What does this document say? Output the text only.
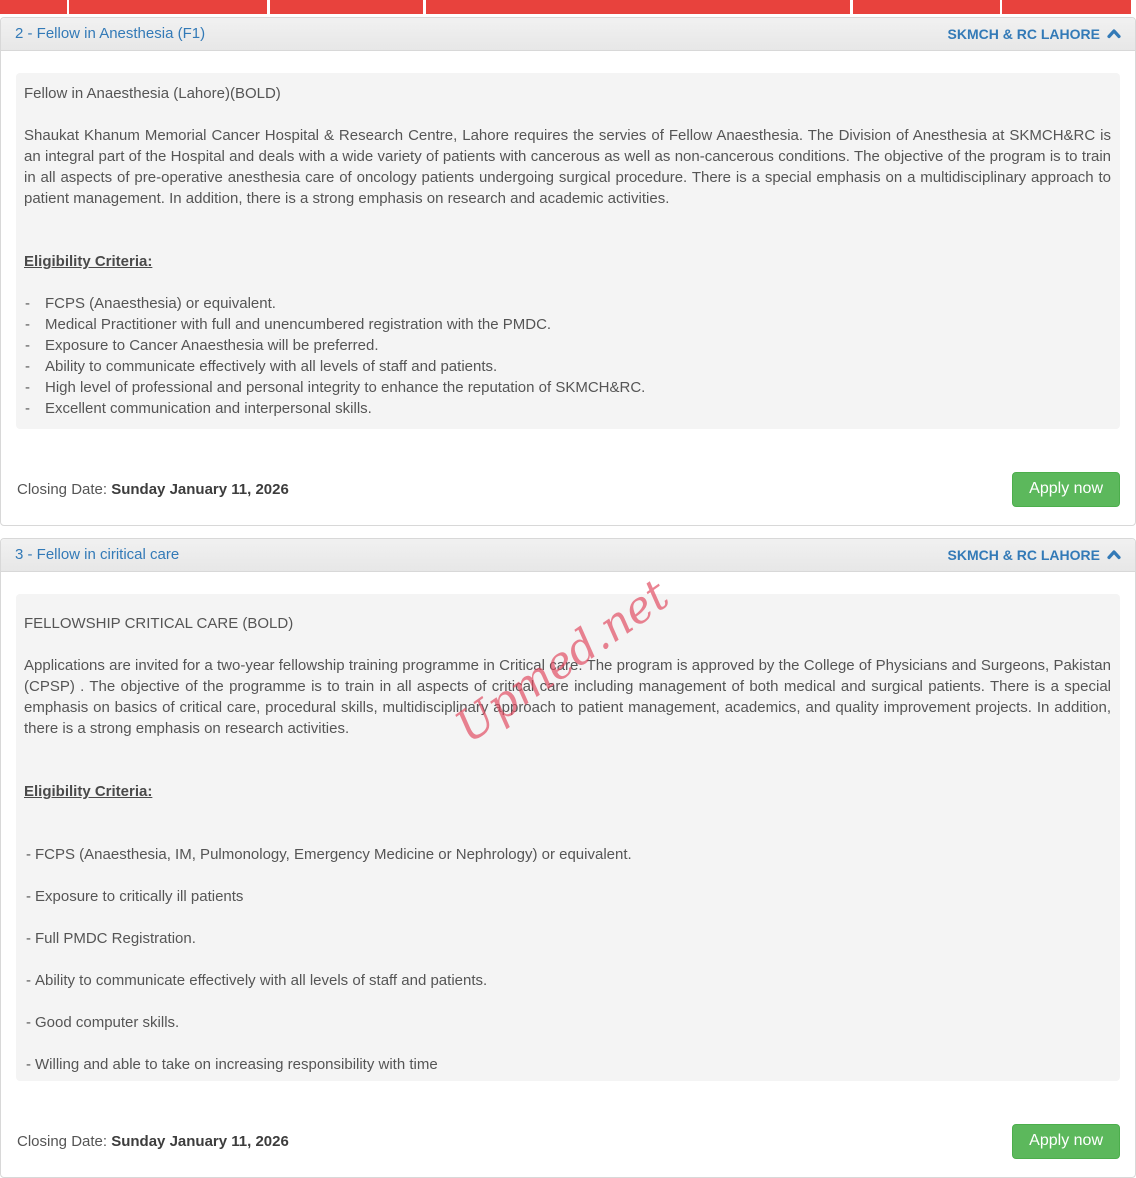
2 - Fellow in Anesthesia (F1)	SKMCH & RC LAHORE
Fellow in Anaesthesia (Lahore)(BOLD)
Shaukat Khanum Memorial Cancer Hospital & Research Centre, Lahore requires the servies of Fellow Anaesthesia. The Division of Anesthesia at SKMCH&RC is an integral part of the Hospital and deals with a wide variety of patients with cancerous as well as non-cancerous conditions. The objective of the program is to train in all aspects of pre-operative anesthesia care of oncology patients undergoing surgical procedure. There is a special emphasis on a multidisciplinary approach to patient management. In addition, there is a strong emphasis on research and academic activities.
Eligibility Criteria:
-	FCPS (Anaesthesia) or equivalent.
-	Medical Practitioner with full and unencumbered registration with the PMDC.
-	Exposure to Cancer Anaesthesia will be preferred.
-	Ability to communicate effectively with all levels of staff and patients.
-	High level of professional and personal integrity to enhance the reputation of SKMCH&RC.
-	Excellent communication and interpersonal skills.
Closing Date: Sunday January 11, 2026	Apply now
3 - Fellow in ciritical care	SKMCH & RC LAHORE
Upmed.net
FELLOWSHIP CRITICAL CARE (BOLD)
Applications are invited for a two-year fellowship training programme in Critical care. The program is approved by the College of Physicians and Surgeons, Pakistan (CPSP) . The objective of the programme is to train in all aspects of critical care including management of both medical and surgical patients. There is a special emphasis on basics of critical care, procedural skills, multidisciplinary approach to patient management, academics, and quality improvement projects. In addition, there is a strong emphasis on research activities.
Eligibility Criteria:
- FCPS (Anaesthesia, IM, Pulmonology, Emergency Medicine or Nephrology) or equivalent.
- Exposure to critically ill patients
- Full PMDC Registration.
- Ability to communicate effectively with all levels of staff and patients.
- Good computer skills.
- Willing and able to take on increasing responsibility with time
Closing Date: Sunday January 11, 2026	Apply now
